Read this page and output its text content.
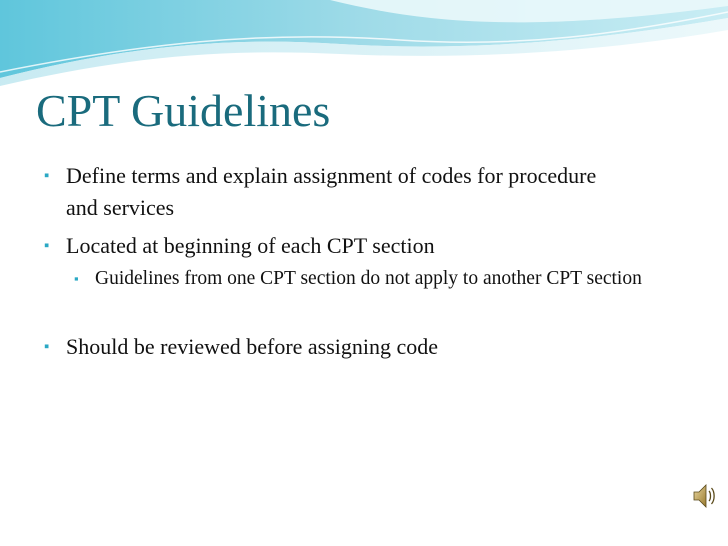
CPT Guidelines
▪ Define terms and explain assignment of codes for procedure and services
▪ Located at beginning of each CPT section
▪ Guidelines from one CPT section do not apply to another CPT section
▪ Should be reviewed before assigning code
